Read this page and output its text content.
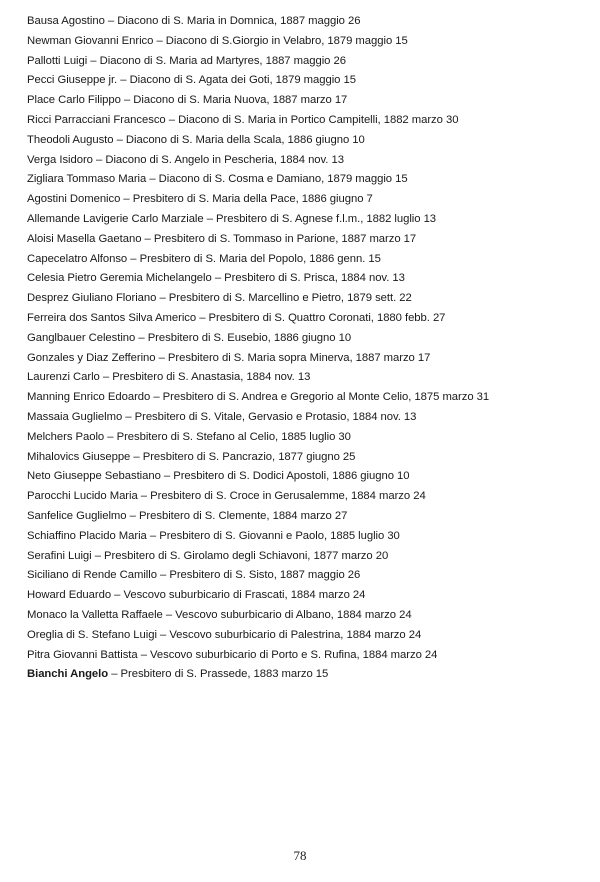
Bausa Agostino – Diacono di S. Maria in Domnica, 1887 maggio 26
Newman Giovanni Enrico – Diacono di S.Giorgio in Velabro, 1879 maggio 15
Pallotti Luigi – Diacono di S. Maria ad Martyres, 1887 maggio 26
Pecci Giuseppe jr. – Diacono di S. Agata dei Goti, 1879 maggio 15
Place Carlo Filippo – Diacono di S. Maria Nuova, 1887 marzo 17
Ricci Parracciani Francesco – Diacono di S. Maria in Portico Campitelli, 1882 marzo 30
Theodoli Augusto – Diacono di S. Maria della Scala, 1886 giugno 10
Verga Isidoro – Diacono di S. Angelo in Pescheria, 1884 nov. 13
Zigliara Tommaso Maria – Diacono di S. Cosma e Damiano, 1879 maggio 15
Agostini Domenico – Presbitero di S. Maria della Pace, 1886 giugno 7
Allemande Lavigerie Carlo Marziale – Presbitero di S. Agnese f.l.m., 1882 luglio 13
Aloisi Masella Gaetano – Presbitero di S. Tommaso in Parione, 1887 marzo 17
Capecelatro Alfonso – Presbitero di S. Maria del Popolo, 1886 genn. 15
Celesia Pietro Geremia Michelangelo – Presbitero di S. Prisca, 1884 nov. 13
Desprez Giuliano Floriano – Presbitero di S. Marcellino e Pietro, 1879 sett. 22
Ferreira dos Santos Silva Americo – Presbitero di S. Quattro Coronati, 1880 febb. 27
Ganglbauer Celestino – Presbitero di S. Eusebio, 1886 giugno 10
Gonzales y Diaz Zefferino – Presbitero di S. Maria sopra Minerva, 1887 marzo 17
Laurenzi Carlo – Presbitero di S. Anastasia, 1884 nov. 13
Manning Enrico Edoardo – Presbitero di S. Andrea e Gregorio al Monte Celio, 1875 marzo 31
Massaia Guglielmo – Presbitero di S. Vitale, Gervasio e Protasio, 1884 nov. 13
Melchers Paolo – Presbitero di S. Stefano al Celio, 1885 luglio 30
Mihalovics Giuseppe – Presbitero di S. Pancrazio, 1877 giugno 25
Neto Giuseppe Sebastiano – Presbitero di S. Dodici Apostoli, 1886 giugno 10
Parocchi Lucido Maria – Presbitero di S. Croce in Gerusalemme, 1884 marzo 24
Sanfelice Guglielmo – Presbitero di S. Clemente, 1884 marzo 27
Schiaffino Placido Maria – Presbitero di S. Giovanni e Paolo, 1885 luglio 30
Serafini Luigi – Presbitero di S. Girolamo degli Schiavoni, 1877 marzo 20
Siciliano di Rende Camillo – Presbitero di S. Sisto, 1887 maggio 26
Howard Eduardo – Vescovo suburbicario di Frascati, 1884 marzo 24
Monaco la Valletta Raffaele – Vescovo suburbicario di Albano, 1884 marzo 24
Oreglia di S. Stefano Luigi – Vescovo suburbicario di Palestrina, 1884 marzo 24
Pitra Giovanni Battista – Vescovo suburbicario di Porto e S. Rufina, 1884 marzo 24
Bianchi Angelo – Presbitero di S. Prassede, 1883 marzo 15
78
